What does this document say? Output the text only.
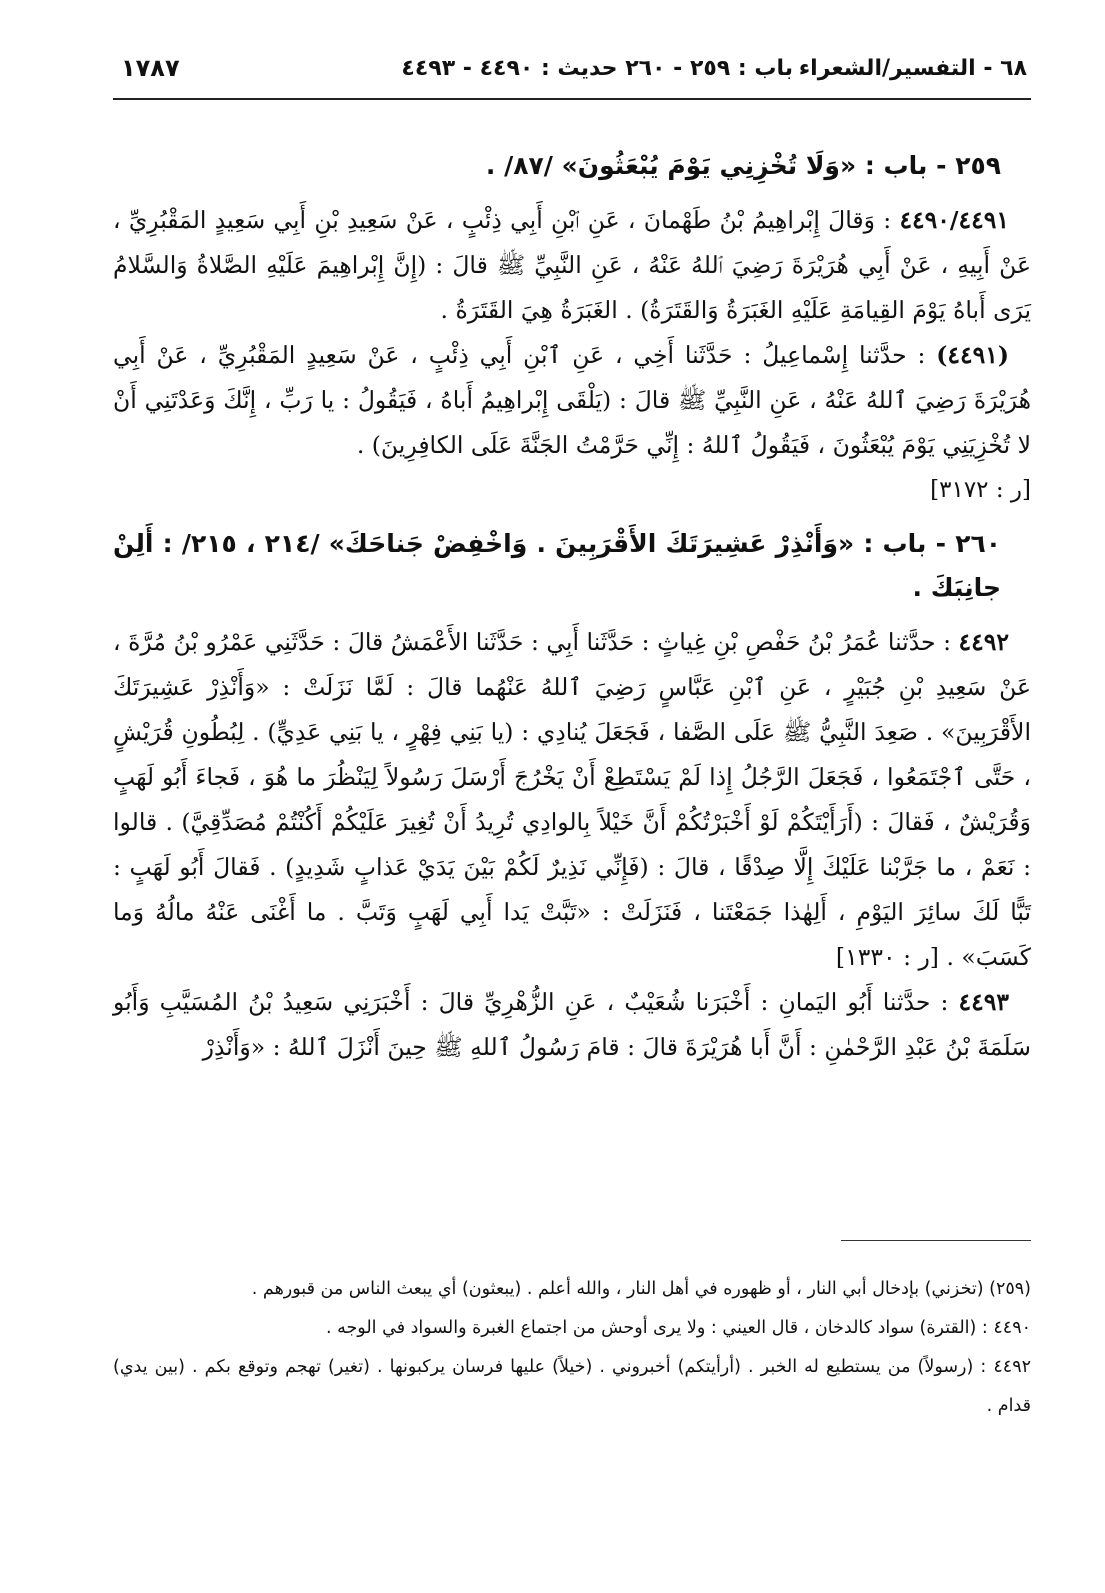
٦٨ - التفسير/الشعراء
باب : ٢٥٩ - ٢٦٠ حديث : ٤٤٩٠ - ٤٤٩٣
١٧٨٧
٢٥٩ - باب : «وَلَا تُخْزِنِي يَوْمَ يُبْعَثُونَ» /٨٧/ .

٤٤٩٠/٤٤٩١ : وَقالَ إِبْراهِيمُ بْنُ طَهْمانَ ، عَنِ ٱبْنِ أَبِي ذِئْبٍ ، عَنْ سَعِيدِ بْنِ أَبِي سَعِيدٍ المَقْبُرِيِّ ، عَنْ أَبِيهِ ، عَنْ أَبِي هُرَيْرَةَ رَضِيَ ٱللهُ عَنْهُ ، عَنِ النَّبِيِّ ﷺ قالَ : (إِنَّ إِبْراهِيمَ عَلَيْهِ الصَّلاةُ وَالسَّلامُ يَرَى أَباهُ يَوْمَ القِيامَةِ عَلَيْهِ الغَبَرَةُ وَالقَتَرَةُ) . الغَبَرَةُ هِيَ القَتَرَةُ .

(٤٤٩١) : حدَّثنا إِسْماعِيلُ : حَدَّثَنا أَخِي ، عَنِ ٱبْنِ أَبِي ذِئْبٍ ، عَنْ سَعِيدٍ المَقْبُرِيِّ ، عَنْ أَبِي هُرَيْرَةَ رَضِيَ ٱللهُ عَنْهُ ، عَنِ النَّبِيِّ ﷺ قالَ : (يَلْقَى إِبْراهِيمُ أَباهُ ، فَيَقُولُ : يا رَبِّ ، إِنَّكَ وَعَدْتَنِي أَنْ لا تُخْزِيَنِي يَوْمَ يُبْعَثُونَ ، فَيَقُولُ ٱللهُ : إِنِّي حَرَّمْتُ الجَنَّةَ عَلَى الكافِرِينَ) .

[ر : ٣١٧٢]

٢٦٠ - باب : «وَأَنْذِرْ عَشِيرَتَكَ الأَقْرَبِينَ . وَاخْفِضْ جَناحَكَ» /٢١٤ ، ٢١٥/ : أَلِنْ جانِبَكَ .

٤٤٩٢ : حدَّثنا عُمَرُ بْنُ حَفْصِ بْنِ غِياثٍ : حَدَّثَنا أَبِي : حَدَّثَنا الأَعْمَشُ قالَ : حَدَّثَنِي عَمْرُو بْنُ مُرَّةَ ، عَنْ سَعِيدِ بْنِ جُبَيْرٍ ، عَنِ ٱبْنِ عَبَّاسٍ رَضِيَ ٱللهُ عَنْهُما قالَ : لَمَّا نَزَلَتْ : «وَأَنْذِرْ عَشِيرَتَكَ الأَقْرَبِينَ» . صَعِدَ النَّبِيُّ ﷺ عَلَى الصَّفا ، فَجَعَلَ يُنادِي : (يا بَنِي فِهْرٍ ، يا بَنِي عَدِيٍّ) . لِبُطُونِ قُرَيْشٍ ، حَتَّى ٱجْتَمَعُوا ، فَجَعَلَ الرَّجُلُ إِذا لَمْ يَسْتَطِعْ أَنْ يَخْرُجَ أَرْسَلَ رَسُولاً لِيَنْظُرَ ما هُوَ ، فَجاءَ أَبُو لَهَبٍ وَقُرَيْشٌ ، فَقالَ : (أَرَأَيْتَكُمْ لَوْ أَخْبَرْتُكُمْ أَنَّ خَيْلاً بِالوادِي تُرِيدُ أَنْ تُغِيرَ عَلَيْكُمْ أَكُنْتُمْ مُصَدِّقِيَّ) . قالوا : نَعَمْ ، ما جَرَّبْنا عَلَيْكَ إِلَّا صِدْقًا ، قالَ : (فَإِنِّي نَذِيرٌ لَكُمْ بَيْنَ يَدَيْ عَذابٍ شَدِيدٍ) . فَقالَ أَبُو لَهَبٍ : تَبًّا لَكَ سائِرَ اليَوْمِ ، أَلِهٰذا جَمَعْتَنا ، فَنَزَلَتْ : «تَبَّتْ يَدا أَبِي لَهَبٍ وَتَبَّ . ما أَغْنَى عَنْهُ مالُهُ وَما كَسَبَ» . [ر : ١٣٣٠]

٤٤٩٣ : حدَّثنا أَبُو اليَمانِ : أَخْبَرَنا شُعَيْبٌ ، عَنِ الزُّهْرِيِّ قالَ : أَخْبَرَنِي سَعِيدُ بْنُ المُسَيَّبِ وَأَبُو سَلَمَةَ بْنُ عَبْدِ الرَّحْمٰنِ : أَنَّ أَبا هُرَيْرَةَ قالَ : قامَ رَسُولُ ٱللهِ ﷺ حِينَ أَنْزَلَ ٱللهُ : «وَأَنْذِرْ

(٢٥٩) (تخزني) بإدخال أبي النار ، أو ظهوره في أهل النار ، والله أعلم . (يبعثون) أي يبعث الناس من قبورهم .

٤٤٩٠ : (القترة) سواد كالدخان ، قال العيني : ولا يرى أوحش من اجتماع الغبرة والسواد في الوجه .

٤٤٩٢ : (رسولاً) من يستطيع له الخبر . (أرأيتكم) أخبروني . (خيلاً) عليها فرسان يركبونها . (تغير) تهجم وتوقع بكم . (بين يدي) قدام .
